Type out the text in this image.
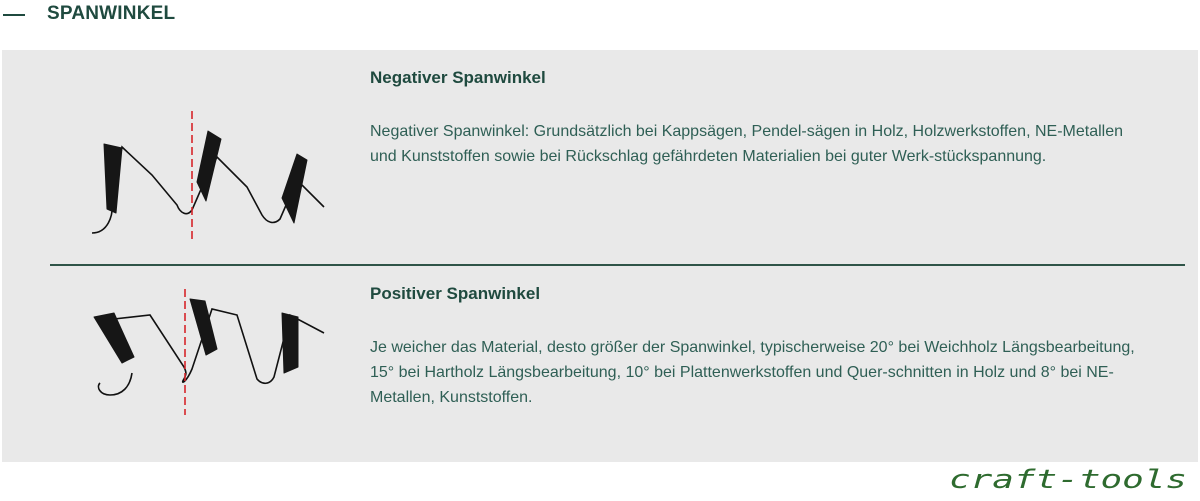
SPANWINKEL
Negativer Spanwinkel
Negativer Spanwinkel: Grundsätzlich bei Kappsägen, Pendel-sägen in Holz, Holzwerkstoffen, NE-Metallen und Kunststoffen sowie bei Rückschlag gefährdeten Materialien bei guter Werk-stückspannung.
Positiver Spanwinkel
Je weicher das Material, desto größer der Spanwinkel, typischerweise 20° bei Weichholz Längsbearbeitung, 15° bei Hartholz Längsbearbeitung, 10° bei Plattenwerkstoffen und Quer-schnitten in Holz und 8° bei NE-Metallen, Kunststoffen.
craft-tools
